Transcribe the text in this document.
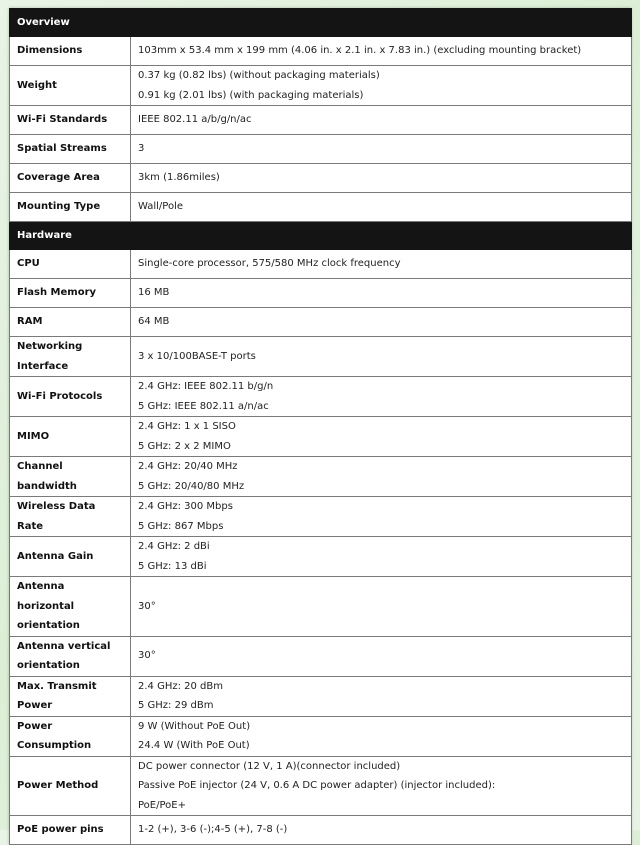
Overview	
Dimensions	103mm x 53.4 mm x 199 mm (4.06 in. x 2.1 in. x 7.83 in.) (excluding mounting bracket)

Weight	0.37 kg (0.82 lbs) (without packaging materials)
0.91 kg (2.01 lbs) (with packaging materials)

Wi-Fi Standards	IEEE 802.11 a/b/g/n/ac

Spatial Streams	3

Coverage Area	3km (1.86miles)

Mounting Type	Wall/Pole

Hardware	
CPU	Single-core processor, 575/580 MHz clock frequency

Flash Memory	16 MB

RAM	64 MB

Networking Interface	3 x 10/100BASE-T ports

Wi-Fi Protocols	2.4 GHz: IEEE 802.11 b/g/n
5 GHz: IEEE 802.11 a/n/ac

MIMO	2.4 GHz: 1 x 1 SISO
5 GHz: 2 x 2 MIMO

Channel bandwidth	2.4 GHz: 20/40 MHz
5 GHz: 20/40/80 MHz

Wireless Data Rate	2.4 GHz: 300 Mbps
5 GHz: 867 Mbps

Antenna Gain	2.4 GHz: 2 dBi
5 GHz: 13 dBi

Antenna horizontal orientation	30°

Antenna vertical orientation	30°

Max. Transmit Power	2.4 GHz: 20 dBm
5 GHz: 29 dBm

Power Consumption	9 W (Without PoE Out)
24.4 W (With PoE Out)

Power Method	DC power connector (12 V, 1 A)(connector included)
Passive PoE injector (24 V, 0.6 A DC power adapter) (injector included):
PoE/PoE+

PoE power pins	1-2 (+), 3-6 (-);4-5 (+), 7-8 (-)
